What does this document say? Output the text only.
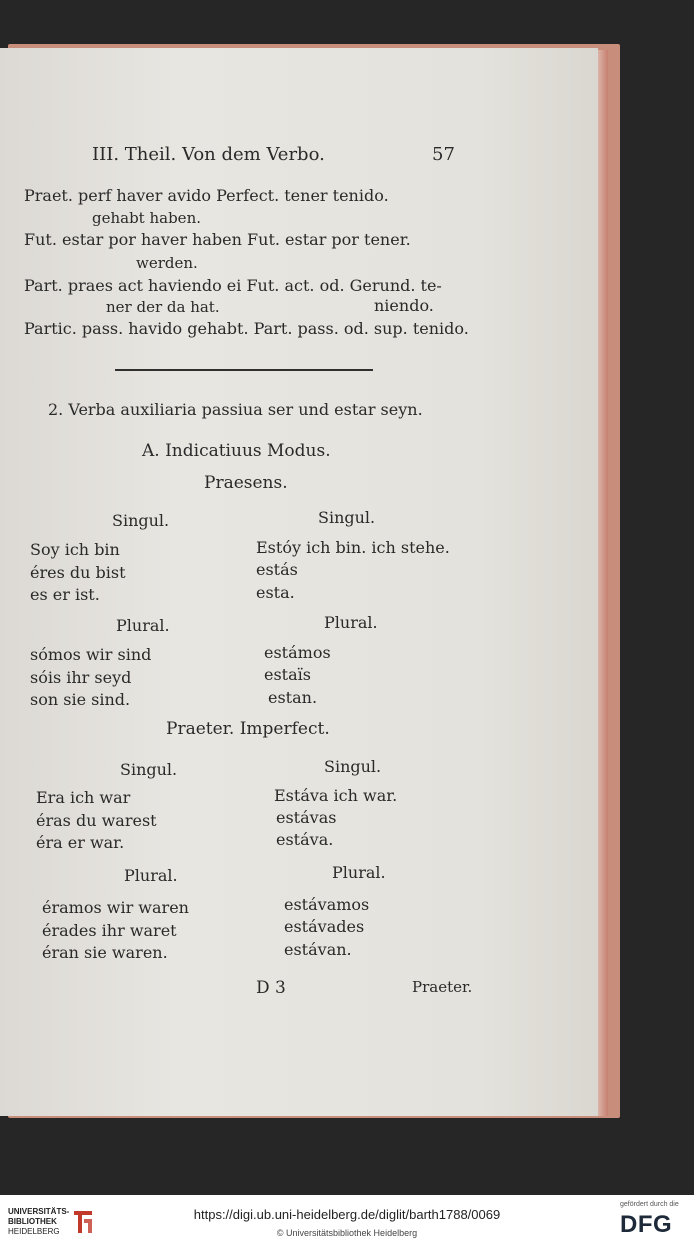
III. Theil. Von dem Verbo.	57
Praet. perf haver avido Perfect. tener tenido.
gehabt haben.
Fut. estar por haver haben Fut. estar por tener.
werden.
Part. praes act haviendo ei Fut. act. od. Gerund. te-
ner der da hat.	niendo.
Partic. pass. havido gehabt. Part. pass. od. sup. tenido.
2. Verba auxiliaria passiua ser und estar seyn.
A. Indicatiuus Modus.
Praesens.
Singul.	Singul.
Soy ich bin	Estóy ich bin. ich stehe.
éres du bist	estás
es er ist.	esta.
Plural.	Plural.
sómos wir sind	estámos
sóis ihr seyd	estaïs
son sie sind.	estan.
Praeter. Imperfect.
Singul.	Singul.
Era ich war	Estáva ich war.
éras du warest	estávas
éra er war.	estáva.
Plural.	Plural.
éramos wir waren	estávamos
érades ihr waret	estávades
éran sie waren.	estávan.
D 3	Praeter.
UNIVERSITÄTS-
BIBLIOTHEK
HEIDELBERG
https://digi.ub.uni-heidelberg.de/diglit/barth1788/0069
© Universitätsbibliothek Heidelberg
gefördert durch die
DFG
